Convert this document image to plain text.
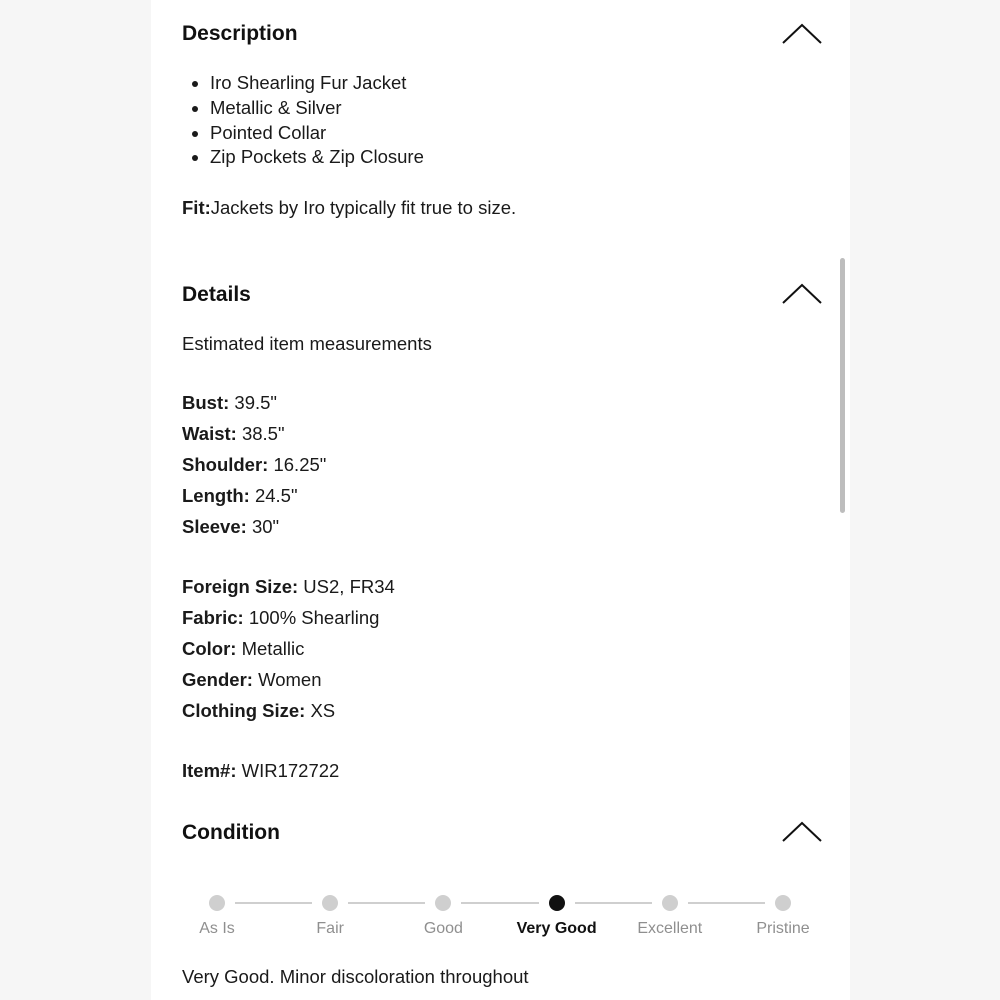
Description
• Iro Shearling Fur Jacket
• Metallic & Silver
• Pointed Collar
• Zip Pockets & Zip Closure
Fit:Jackets by Iro typically fit true to size.
Details
Estimated item measurements
Bust: 39.5"
Waist: 38.5"
Shoulder: 16.25"
Length: 24.5"
Sleeve: 30"
Foreign Size: US2, FR34
Fabric: 100% Shearling
Color: Metallic
Gender: Women
Clothing Size: XS
Item#: WIR172722
Condition
As Is	Fair	Good	Very Good	Excellent	Pristine
Very Good. Minor discoloration throughout
